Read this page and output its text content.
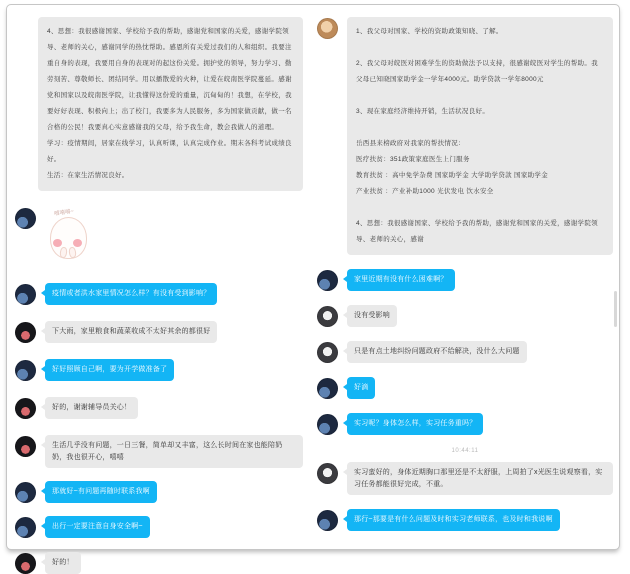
4、思想：我很感谢国家、学校给予我的帮助，感谢党和国家的关爱，感谢学院领导、老师的关心，感谢同学的热忱帮助。感恩所有关爱过我们的人和组织。我要注重自身的表现，我要用自身的表现对的起这份关爱。拥护党的领导，努力学习、勤劳刻苦、尊敬师长、团结同学。用以播散爱的火种，让爱在皖南医学院蔓延。感谢党和国家以及皖南医学院，让我懂得这份爱的重量，沉甸甸的！我想，在学校，我要好好表现、积极向上；出了校门，我要多为人民服务，多为国家做贡献，做一名合格的公民！我要真心实意感谢我的父母，给予我生命，教会我做人的道理。
学习：疫情期间，居家在线学习，认真听课，认真完成作业。期末各科考试成绩良好。
生活：在家生活情况良好。
嘻嘻嘻~
疫情或者洪水家里情况怎么样？有没有受到影响？
下大雨，家里粮食和蔬菜收成不太好其余的都很好
好好照顾自己啊，要为开学做准备了
好的，谢谢辅导员关心！
生活几乎没有问题，一日三餐，简单却又丰富，这么长时间在家也能陪奶奶，我也很开心，嘻嘻
那就好~有问题再随时联系我啊
出行一定要注意自身安全啊~
好的！
1、我父母对国家、学校的资助政策知晓、了解。

2、我父母对皖医对困难学生的资助做法予以支持，很感谢皖医对学生的帮助。我父母已知晓国家助学金一学年4000元。助学贷款一学年8000元

3、现在家庭经济维持开销，生活状况良好。

岳西县来榜政府对我家的帮扶情况：
医疗扶贫：351政策家庭医生上门服务
教育扶贫 ：高中免学杂费 国家助学金 大学助学贷款 国家助学金
产业扶贫 ：产业补助1000 光伏发电 饮水安全

4、思想：我很感谢国家、学校给予我的帮助，感谢党和国家的关爱，感谢学院领导、老师的关心，感谢
家里近期有没有什么困难啊？
没有受影响
只是有点土地纠纷问题政府不给解决，没什么大问题
好滴
实习呢？身体怎么样，实习任务重吗？
10:44:11
实习蛮好的，身体近期胸口那里还是不太舒服，上周拍了x光医生说观察看，实习任务都能很好完成，不重。
那行~那要是有什么问题及时和实习老师联系，也及时和我说啊
